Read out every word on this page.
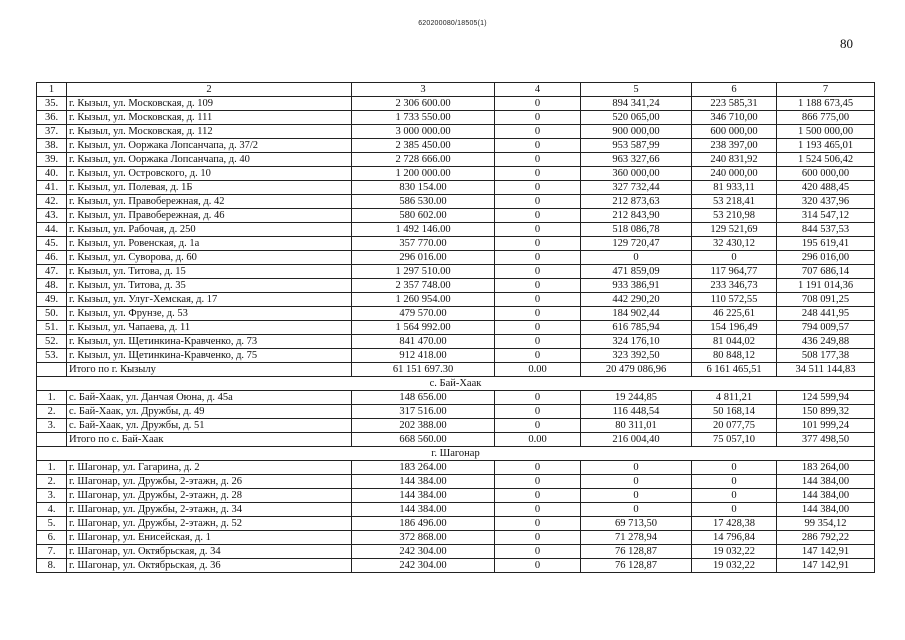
620200080/18505(1)
80
1	2	3	4	5	6	7
35.	г. Кызыл, ул. Московская, д. 109	2 306 600.00	0	894 341,24	223 585,31	1 188 673,45
36.	г. Кызыл, ул. Московская, д. 111	1 733 550.00	0	520 065,00	346 710,00	866 775,00
37.	г. Кызыл, ул. Московская, д. 112	3 000 000.00	0	900 000,00	600 000,00	1 500 000,00
38.	г. Кызыл, ул. Ооржака Лопсанчапа, д. 37/2	2 385 450.00	0	953 587,99	238 397,00	1 193 465,01
39.	г. Кызыл, ул. Ооржака Лопсанчапа, д. 40	2 728 666.00	0	963 327,66	240 831,92	1 524 506,42
40.	г. Кызыл, ул. Островского, д. 10	1 200 000.00	0	360 000,00	240 000,00	600 000,00
41.	г. Кызыл, ул. Полевая, д. 1Б	830 154.00	0	327 732,44	81 933,11	420 488,45
42.	г. Кызыл, ул. Правобережная, д. 42	586 530.00	0	212 873,63	53 218,41	320 437,96
43.	г. Кызыл, ул. Правобережная, д. 46	580 602.00	0	212 843,90	53 210,98	314 547,12
44.	г. Кызыл, ул. Рабочая, д. 250	1 492 146.00	0	518 086,78	129 521,69	844 537,53
45.	г. Кызыл, ул. Ровенская, д. 1а	357 770.00	0	129 720,47	32 430,12	195 619,41
46.	г. Кызыл, ул. Суворова, д. 60	296 016.00	0	0	0	296 016,00
47.	г. Кызыл, ул. Титова, д. 15	1 297 510.00	0	471 859,09	117 964,77	707 686,14
48.	г. Кызыл, ул. Титова, д. 35	2 357 748.00	0	933 386,91	233 346,73	1 191 014,36
49.	г. Кызыл, ул. Улуг-Хемская, д. 17	1 260 954.00	0	442 290,20	110 572,55	708 091,25
50.	г. Кызыл, ул. Фрунзе, д. 53	479 570.00	0	184 902,44	46 225,61	248 441,95
51.	г. Кызыл, ул. Чапаева, д. 11	1 564 992.00	0	616 785,94	154 196,49	794 009,57
52.	г. Кызыл, ул. Щетинкина-Кравченко, д. 73	841 470.00	0	324 176,10	81 044,02	436 249,88
53.	г. Кызыл, ул. Щетинкина-Кравченко, д. 75	912 418.00	0	323 392,50	80 848,12	508 177,38
	Итого по г. Кызылу	61 151 697.30	0.00	20 479 086,96	6 161 465,51	34 511 144,83
с. Бай-Хаак						
1.	с. Бай-Хаак, ул. Данчая Оюна, д. 45а	148 656.00	0	19 244,85	4 811,21	124 599,94
2.	с. Бай-Хаак, ул. Дружбы, д. 49	317 516.00	0	116 448,54	50 168,14	150 899,32
3.	с. Бай-Хаак, ул. Дружбы, д. 51	202 388.00	0	80 311,01	20 077,75	101 999,24
	Итого по с. Бай-Хаак	668 560.00	0.00	216 004,40	75 057,10	377 498,50
г. Шагонар						
1.	г. Шагонар, ул. Гагарина, д. 2	183 264.00	0	0	0	183 264,00
2.	г. Шагонар, ул. Дружбы, 2-этажн, д. 26	144 384.00	0	0	0	144 384,00
3.	г. Шагонар, ул. Дружбы, 2-этажн, д. 28	144 384.00	0	0	0	144 384,00
4.	г. Шагонар, ул. Дружбы, 2-этажн, д. 34	144 384.00	0	0	0	144 384,00
5.	г. Шагонар, ул. Дружбы, 2-этажн, д. 52	186 496.00	0	69 713,50	17 428,38	99 354,12
6.	г. Шагонар, ул. Енисейская, д. 1	372 868.00	0	71 278,94	14 796,84	286 792,22
7.	г. Шагонар, ул. Октябрьская, д. 34	242 304.00	0	76 128,87	19 032,22	147 142,91
8.	г. Шагонар, ул. Октябрьская, д. 36	242 304.00	0	76 128,87	19 032,22	147 142,91
